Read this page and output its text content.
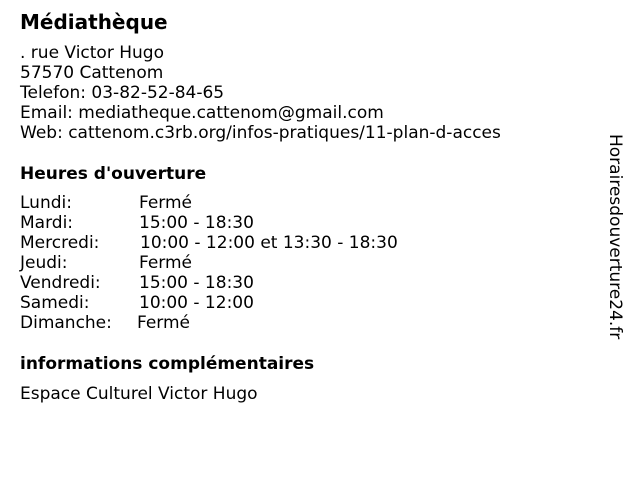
Médiathèque
. rue Victor Hugo
57570 Cattenom
Telefon: 03-82-52-84-65
Email: mediatheque.cattenom@gmail.com
Web: cattenom.c3rb.org/infos-pratiques/11-plan-d-acces
Heures d'ouverture
Lundi:	Fermé
Mardi:	15:00 - 18:30
Mercredi:	10:00 - 12:00 et 13:30 - 18:30
Jeudi:	Fermé
Vendredi:	15:00 - 18:30
Samedi:	10:00 - 12:00
Dimanche:	Fermé
informations complémentaires
Espace Culturel Victor Hugo
Horairesdouverture24.fr
